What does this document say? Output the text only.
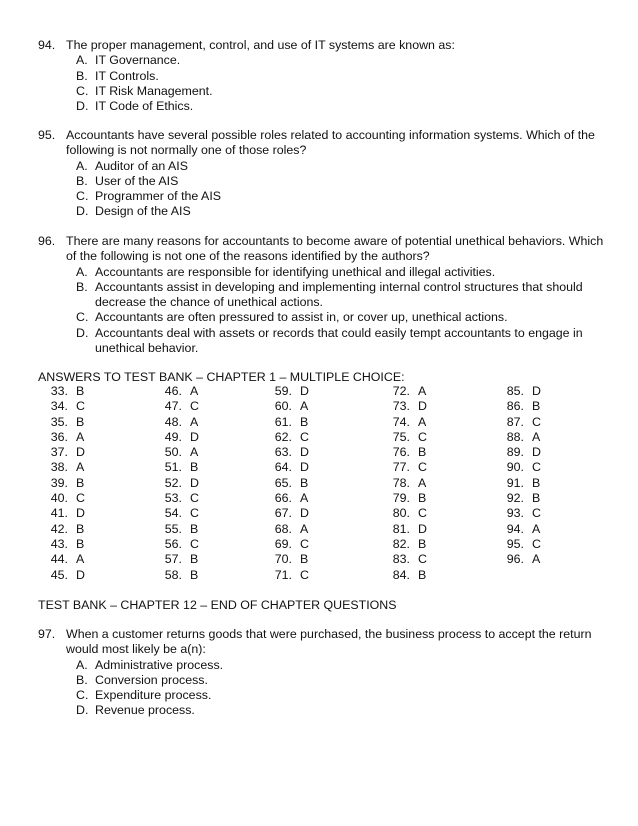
94. The proper management, control, and use of IT systems are known as:
A. IT Governance.
B. IT Controls.
C. IT Risk Management.
D. IT Code of Ethics.
95. Accountants have several possible roles related to accounting information systems. Which of the following is not normally one of those roles?
A. Auditor of an AIS
B. User of the AIS
C. Programmer of the AIS
D. Design of the AIS
96. There are many reasons for accountants to become aware of potential unethical behaviors. Which of the following is not one of the reasons identified by the authors?
A. Accountants are responsible for identifying unethical and illegal activities.
B. Accountants assist in developing and implementing internal control structures that should decrease the chance of unethical actions.
C. Accountants are often pressured to assist in, or cover up, unethical actions.
D. Accountants deal with assets or records that could easily tempt accountants to engage in unethical behavior.
ANSWERS TO TEST BANK – CHAPTER 1 – MULTIPLE CHOICE:
33. B
34. C
35. B
36. A
37. D
38. A
39. B
40. C
41. D
42. B
43. B
44. A
45. D
46. A
47. C
48. A
49. D
50. A
51. B
52. D
53. C
54. C
55. B
56. C
57. B
58. B
59. D
60. A
61. B
62. C
63. D
64. D
65. B
66. A
67. D
68. A
69. C
70. B
71. C
72. A
73. D
74. A
75. C
76. B
77. C
78. A
79. B
80. C
81. D
82. B
83. C
84. B
85. D
86. B
87. C
88. A
89. D
90. C
91. B
92. B
93. C
94. A
95. C
96. A
TEST BANK – CHAPTER 12 – END OF CHAPTER QUESTIONS
97. When a customer returns goods that were purchased, the business process to accept the return would most likely be a(n):
A. Administrative process.
B. Conversion process.
C. Expenditure process.
D. Revenue process.
